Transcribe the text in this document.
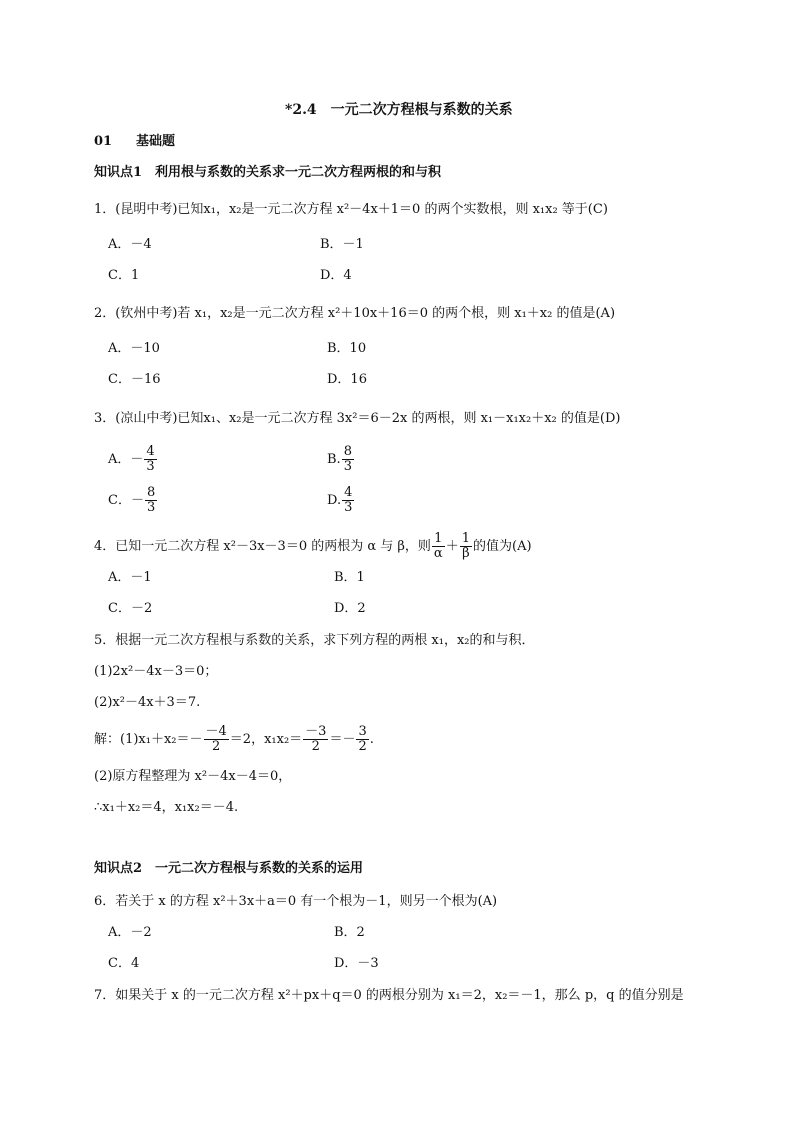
*2.4　一元二次方程根与系数的关系
01 基础题
知识点1　利用根与系数的关系求一元二次方程两根的和与积
1．(昆明中考)已知x₁，x₂是一元二次方程 x²－4x＋1＝0 的两个实数根，则 x₁x₂ 等于(C)
A．－4	B．－1
C．1	D．4
2．(钦州中考)若 x₁，x₂是一元二次方程 x²＋10x＋16＝0 的两个根，则 x₁＋x₂ 的值是(A)
A．－10	B．10
C．－16	D．16
3．(凉山中考)已知x₁、x₂是一元二次方程 3x²＝6－2x 的两根，则 x₁－x₁x₂＋x₂ 的值是(D)
A．－ $\frac{4}{3}$	B. $\frac{8}{3}$
C．－ $\frac{8}{3}$	D. $\frac{4}{3}$
4．已知一元二次方程 x²－3x－3＝0 的两根为 α 与 β，则 $\frac{1}{\alpha} + \frac{1}{\beta}$ 的值为(A)
A．－1	B．1
C．－2	D．2
5．根据一元二次方程根与系数的关系，求下列方程的两根 x₁，x₂的和与积．
(1)2x²－4x－3＝0；
(2)x²－4x＋3＝7.
解：$(1)x_1+x_2=- \frac{-4}{2} =2$，$x_1x_2= \frac{-3}{2} =- \frac{3}{2}$ .
(2)原方程整理为 x²－4x－4＝0，
∴x₁＋x₂＝4，x₁x₂＝－4.
知识点2　一元二次方程根与系数的关系的运用
6．若关于 x 的方程 x²＋3x＋a＝0 有一个根为－1，则另一个根为(A)
A．－2	B．2
C．4	D．－3
7．如果关于 x 的一元二次方程 x²＋px＋q＝0 的两根分别为 x₁＝2，x₂＝－1，那么 p，q 的值分别是
